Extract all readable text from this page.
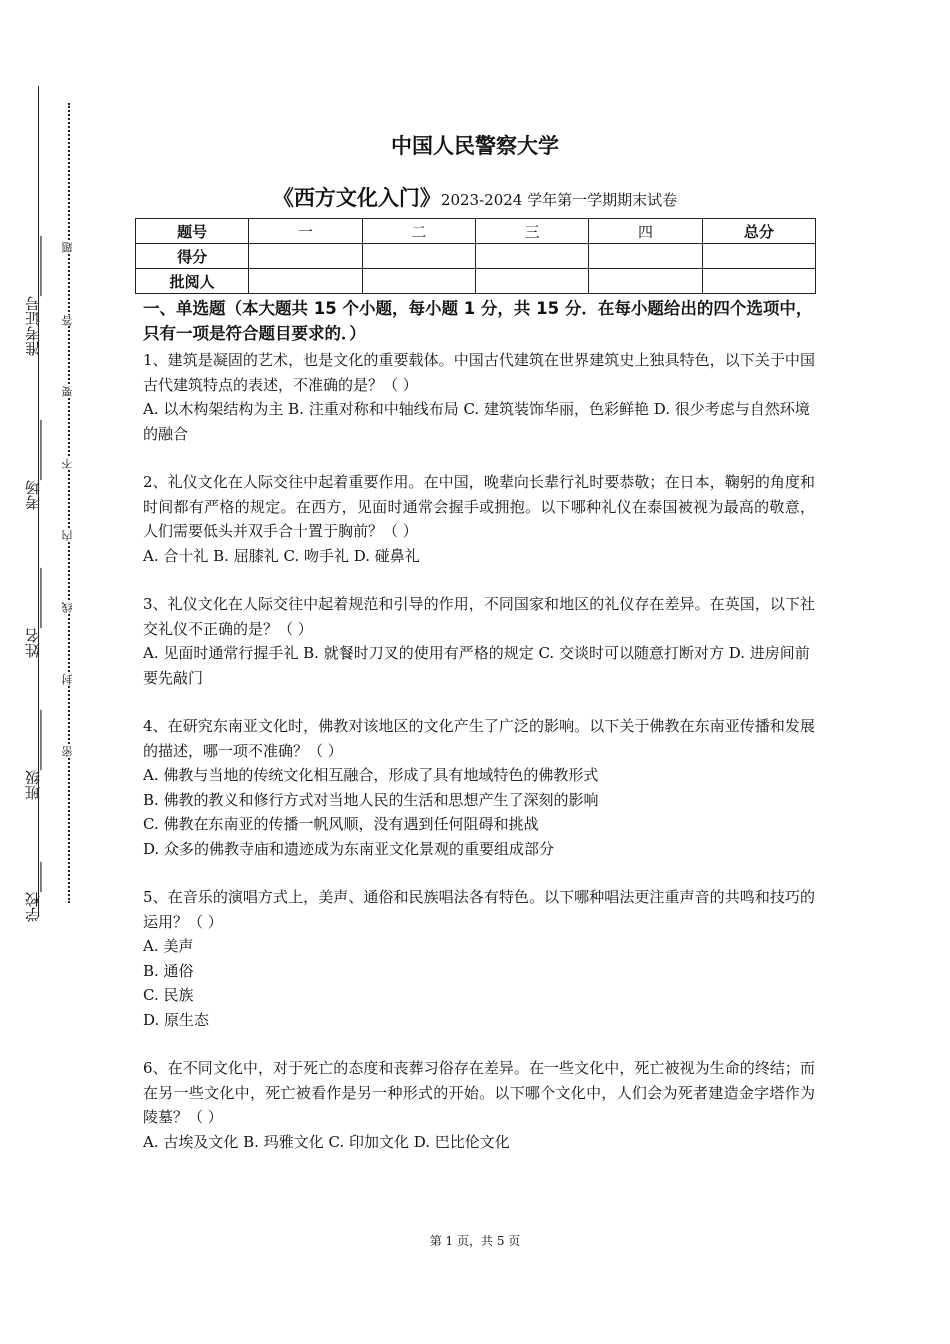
准考证号________
考场________
姓名________
班级________
学校____
题
答
要
不
内
线
封
密
中国人民警察大学
《西方文化入门》2023-2024 学年第一学期期末试卷
题号	一	二	三	四	总分
得分					
批阅人					
一、单选题（本大题共 15 个小题，每小题 1 分，共 15 分．在每小题给出的四个选项中，只有一项是符合题目要求的．）

1、建筑是凝固的艺术，也是文化的重要载体。中国古代建筑在世界建筑史上独具特色，以下关于中国古代建筑特点的表述，不准确的是？（ ）

A. 以木构架结构为主 B. 注重对称和中轴线布局 C. 建筑装饰华丽，色彩鲜艳 D. 很少考虑与自然环境的融合

2、礼仪文化在人际交往中起着重要作用。在中国，晚辈向长辈行礼时要恭敬；在日本，鞠躬的角度和时间都有严格的规定。在西方，见面时通常会握手或拥抱。以下哪种礼仪在泰国被视为最高的敬意，人们需要低头并双手合十置于胸前？（ ）

A. 合十礼 B. 屈膝礼 C. 吻手礼 D. 碰鼻礼

3、礼仪文化在人际交往中起着规范和引导的作用，不同国家和地区的礼仪存在差异。在英国，以下社交礼仪不正确的是？（ ）

A. 见面时通常行握手礼 B. 就餐时刀叉的使用有严格的规定 C. 交谈时可以随意打断对方 D. 进房间前要先敲门

4、在研究东南亚文化时，佛教对该地区的文化产生了广泛的影响。以下关于佛教在东南亚传播和发展的描述，哪一项不准确？（ ）

A. 佛教与当地的传统文化相互融合，形成了具有地域特色的佛教形式

B. 佛教的教义和修行方式对当地人民的生活和思想产生了深刻的影响

C. 佛教在东南亚的传播一帆风顺，没有遇到任何阻碍和挑战

D. 众多的佛教寺庙和遗迹成为东南亚文化景观的重要组成部分

5、在音乐的演唱方式上，美声、通俗和民族唱法各有特色。以下哪种唱法更注重声音的共鸣和技巧的运用？（ ）

A. 美声

B. 通俗

C. 民族

D. 原生态

6、在不同文化中，对于死亡的态度和丧葬习俗存在差异。在一些文化中，死亡被视为生命的终结；而在另一些文化中，死亡被看作是另一种形式的开始。以下哪个文化中，人们会为死者建造金字塔作为陵墓？（ ）

A. 古埃及文化 B. 玛雅文化 C. 印加文化 D. 巴比伦文化

第 1 页，共 5 页
